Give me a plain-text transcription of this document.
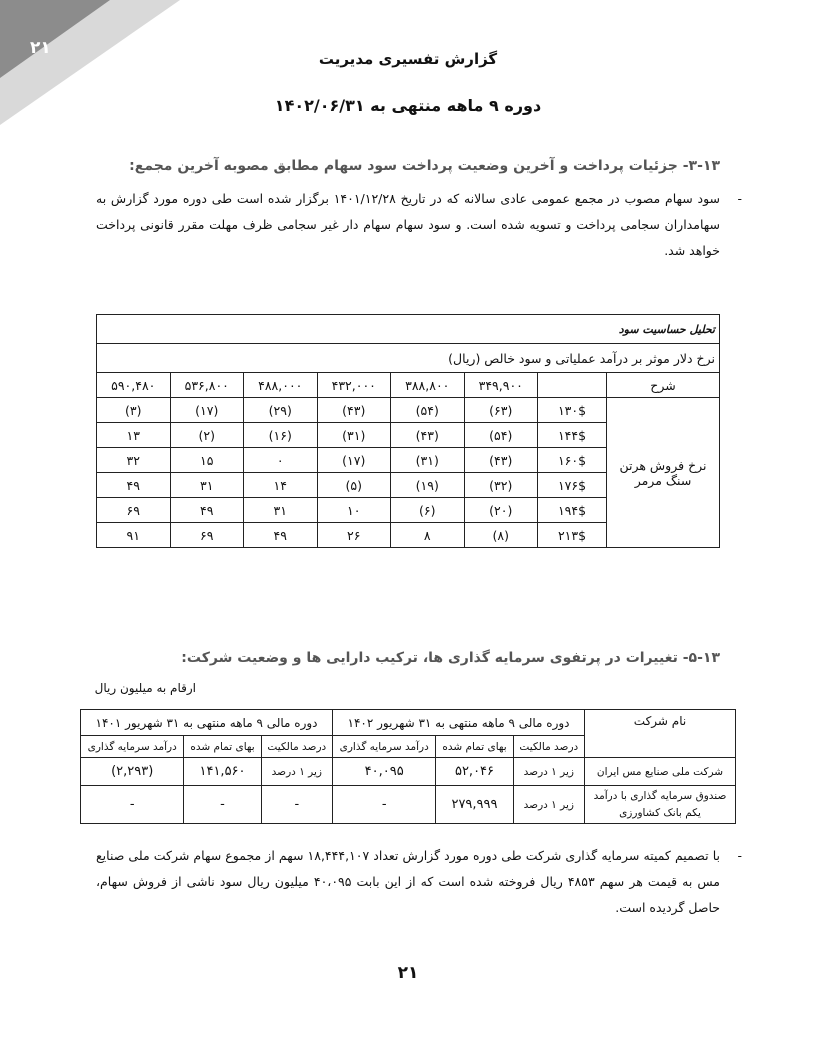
۲۱
گزارش تفسیری مدیریت
دوره ۹ ماهه منتهی به ۱۴۰۲/۰۶/۳۱
۳-۱۳- جزئیات پرداخت و آخرین وضعیت پرداخت سود سهام مطابق مصوبه آخرین مجمع:
-
سود سهام مصوب در مجمع عمومی عادی سالانه که در تاریخ ۱۴۰۱/۱۲/۲۸ برگزار شده است طی دوره مورد گزارش به سهامداران سجامی پرداخت و تسویه شده است. و سود سهام سهام دار غیر سجامی ظرف مهلت مقرر قانونی پرداخت خواهد شد.
تحلیل حساسیت سود							
نرخ دلار موثر بر درآمد عملیاتی و سود خالص (ریال)							
شرح		۳۴۹,۹۰۰	۳۸۸,۸۰۰	۴۳۲,۰۰۰	۴۸۸,۰۰۰	۵۳۶,۸۰۰	۵۹۰,۴۸۰
نرخ فروش هرتن سنگ مرمر	۱۳۰$	(۶۳)	(۵۴)	(۴۳)	(۲۹)	(۱۷)	(۳)
	۱۴۴$	(۵۴)	(۴۳)	(۳۱)	(۱۶)	(۲)	۱۳
	۱۶۰$	(۴۳)	(۳۱)	(۱۷)	۰	۱۵	۳۲
	۱۷۶$	(۳۲)	(۱۹)	(۵)	۱۴	۳۱	۴۹
	۱۹۴$	(۲۰)	(۶)	۱۰	۳۱	۴۹	۶۹
	۲۱۳$	(۸)	۸	۲۶	۴۹	۶۹	۹۱
۵-۱۳- تغییرات در پرتفوی سرمایه گذاری ها، ترکیب دارایی ها و وضعیت شرکت:
ارقام به میلیون ریال
نام شرکت	دوره مالی ۹ ماهه منتهی به ۳۱ شهریور ۱۴۰۲			دوره مالی ۹ ماهه منتهی به ۳۱ شهریور ۱۴۰۱		
	درصد مالکیت	بهای تمام شده	درآمد سرمایه گذاری	درصد مالکیت	بهای تمام شده	درآمد سرمایه گذاری
شرکت ملی صنایع مس ایران	زیر ۱ درصد	۵۲,۰۴۶	۴۰,۰۹۵	زیر ۱ درصد	۱۴۱,۵۶۰	(۲,۲۹۳)
صندوق سرمایه گذاری با درآمد یکم بانک کشاورزی	زیر ۱ درصد	۲۷۹,۹۹۹	-	-	-	-
-
با تصمیم کمیته سرمایه گذاری شرکت طی دوره مورد گزارش تعداد ۱۸,۴۴۴,۱۰۷ سهم از مجموع سهام شرکت ملی صنایع مس به قیمت هر سهم ۴۸۵۳ ریال فروخته شده است که از این بابت ۴۰،۰۹۵ میلیون ریال سود ناشی از فروش سهام، حاصل گردیده است.
۲۱
